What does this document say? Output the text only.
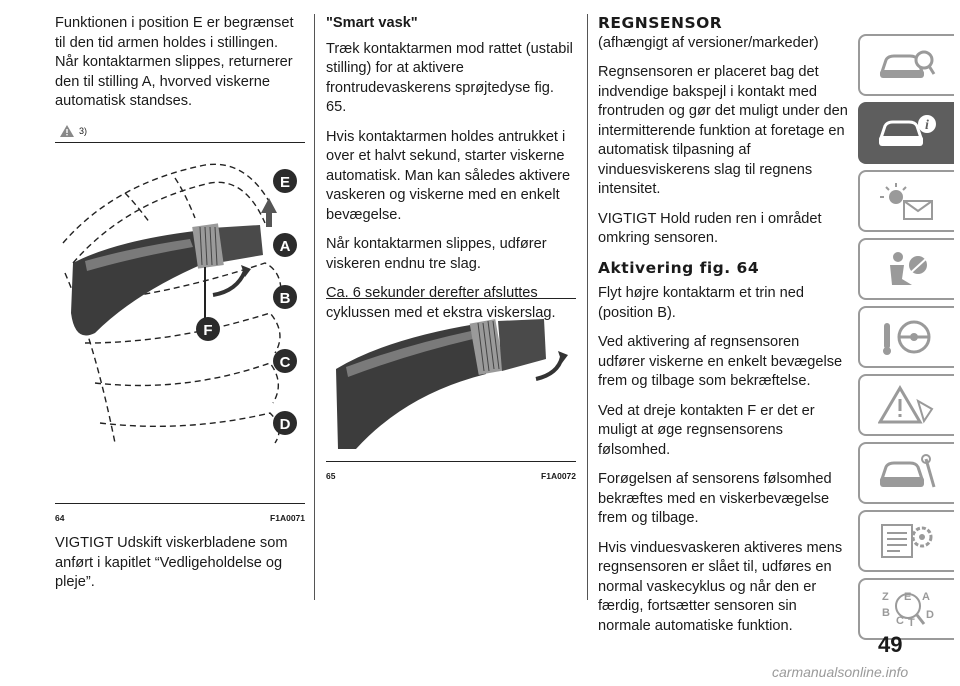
Funktionen i position E er begrænset til den tid armen holdes i stillingen. Når kontaktarmen slippes, returnerer den til stilling A, hvorved viskerne automatisk standses.

3)
E
A
B
C
D
F
64	F1A0071

VIGTIGT Udskift viskerbladene som anført i kapitlet “Vedligeholdelse og pleje”.

"Smart vask"

Træk kontaktarmen mod rattet (ustabil stilling) for at aktivere frontrudevaskerens sprøjtedyse fig. 65.

Hvis kontaktarmen holdes antrukket i over et halvt sekund, starter viskerne automatisk. Man kan således aktivere vaskeren og viskerne med en enkelt bevægelse.

Når kontaktarmen slippes, udfører viskeren endnu tre slag.

Ca. 6 sekunder derefter afsluttes cyklussen med et ekstra viskerslag.

65	F1A0072
REGNSENSOR

(afhængigt af versioner/markeder)

Regnsensoren er placeret bag det indvendige bakspejl i kontakt med frontruden og gør det muligt under den intermitterende funktion at foretage en automatisk tilpasning af vinduesviskerens slag til regnens intensitet.

VIGTIGT Hold ruden ren i området omkring sensoren.

Aktivering fig. 64

Flyt højre kontaktarm et trin ned (position B).

Ved aktivering af regnsensoren udfører viskerne en enkelt bevægelse frem og tilbage som bekræftelse.

Ved at dreje kontakten F er det er muligt at øge regnsensorens følsomhed.

Forøgelsen af sensorens følsomhed bekræftes med en viskerbevægelse frem og tilbage.

Hvis vinduesvaskeren aktiveres mens regnsensoren er slået til, udføres en normal vaskecyklus og når den er færdig, fortsætter sensoren sin normale automatiske funktion.

i
Z E A
B
C T
D
49
carmanualsonline.info
